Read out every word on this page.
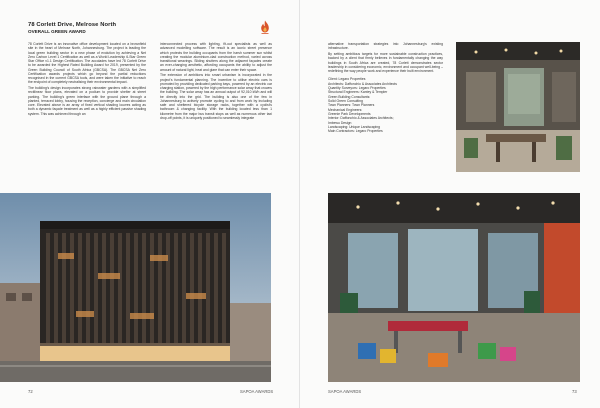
78 Corlett Drive, Melrose North

OVERALL GREEN AWARD

78 Corlett Drive is an innovative office development located on a brownfield site in the heart of Melrose North, Johannesburg. The project is leading the local green building sector in a new phase of evolution by achieving a Net Zero Carbon Level 1 Certification as well as a World Leadership 6-Star Green Star Office v1.1 Design Certification. The accolades have led 78 Corlett Drive to be awarded the Highest Rated Building Award for 2019, presented by the Green Building Council of South Africa (GBCSA). The GBCSA Net Zero Certification awards projects which go beyond the partial reductions recognised in the current GBCSA tools, and were taken the initiative to reach the endpoint of completely neutralising their environmental impact.

The building's design incorporates strong rainwater gardens with a simplified rectilinear floor plans, elevated on a podium to provide shelter at street parking. The building's green interface with the ground plane through a planted, terraced lobby, housing the reception, concierge and main circulation core. Elevated above is an array of fixed vertical shading louvres acting as both a dynamic façade treatment as well as a highly efficient passive shading system. This was achieved through an

interconnected process with lighting, fit-out specialists as well as advanced modelling software. The result is an iconic street presence which protects the building occupants from the harsh summer sun whilst creating the modular aluminium-clad construction method, varied across transitional weavings. Sliding shutters along the adjacent façades create an ever-changing aesthetic, affording occupants the ability to adjust the amount of natural light, heat and glare that can enter their space.

The extension of ambitions into smart urbanism is incorporated in the project's fundamental planning. The incentive to utilise electric cars is promoted by providing dedicated parking bays, powered by an electric car charging station, powered by the high performance solar array that crowns the building. The solar array has an annual output of 92,010 kWh and will be directly into the grid. The building is also one of the few in Johannesburg to actively promote cycling to and from work by including safe and sheltered bicycle storage racks, together with a cyclist's bathroom & changing facility. With the building located less than 1 kilometre from the major bus transit stops as well as numerous other taxi drop-off points, it is uniquely positioned to seamlessly integrate

72	SAPOA AWARDS

alternative transportation strategies into Johannesburg's existing infrastructure.

By setting ambitious targets for more sustainable construction practices, backed by a client that firmly believes in fundamentally changing the way buildings in South Africa are created, 78 Corlett demonstrates sector leadership in considering economic, environment and occupant well-being – redefining the way people work and experience their built environment.

Client: Legaro Properties
Architects: Daffonchio & Associates Architects
Quantity Surveyors: Legaro Properties
Structural Engineers: Kantey & Templer
Green Building Consultants:
Solid Green Consulting
Town Planners: Town Planners
Mechanical Engineers:
Greenie Park Developments
Interior: Daffonchio & Associates Architects;
Imbewu Design
Landscaping: Unique Landscaping
Main Contractors: Legaro Properties
SAPOA AWARDS	73
